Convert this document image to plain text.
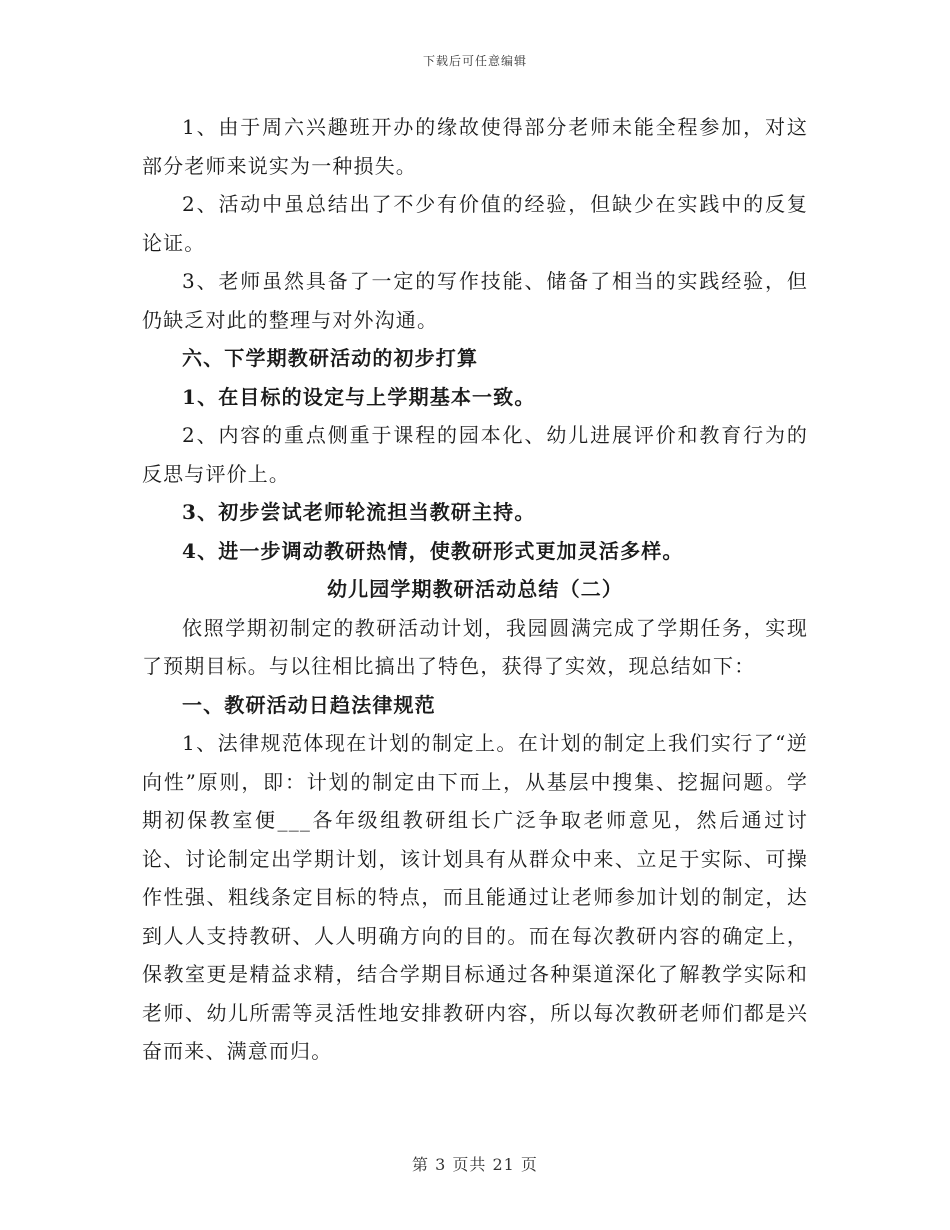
下载后可任意编辑

1、由于周六兴趣班开办的缘故使得部分老师未能全程参加，对这部分老师来说实为一种损失。

2、活动中虽总结出了不少有价值的经验，但缺少在实践中的反复论证。

3、老师虽然具备了一定的写作技能、储备了相当的实践经验，但仍缺乏对此的整理与对外沟通。

六、下学期教研活动的初步打算

1、在目标的设定与上学期基本一致。

2、内容的重点侧重于课程的园本化、幼儿进展评价和教育行为的反思与评价上。

3、初步尝试老师轮流担当教研主持。

4、进一步调动教研热情，使教研形式更加灵活多样。

幼儿园学期教研活动总结（二）

依照学期初制定的教研活动计划，我园圆满完成了学期任务，实现了预期目标。与以往相比搞出了特色，获得了实效，现总结如下：

一、教研活动日趋法律规范

1、法律规范体现在计划的制定上。在计划的制定上我们实行了“逆向性”原则，即：计划的制定由下而上，从基层中搜集、挖掘问题。学期初保教室便___各年级组教研组长广泛争取老师意见，然后通过讨论、讨论制定出学期计划，该计划具有从群众中来、立足于实际、可操作性强、粗线条定目标的特点，而且能通过让老师参加计划的制定，达到人人支持教研、人人明确方向的目的。而在每次教研内容的确定上，保教室更是精益求精，结合学期目标通过各种渠道深化了解教学实际和老师、幼儿所需等灵活性地安排教研内容，所以每次教研老师们都是兴奋而来、满意而归。

第 3 页共 21 页
